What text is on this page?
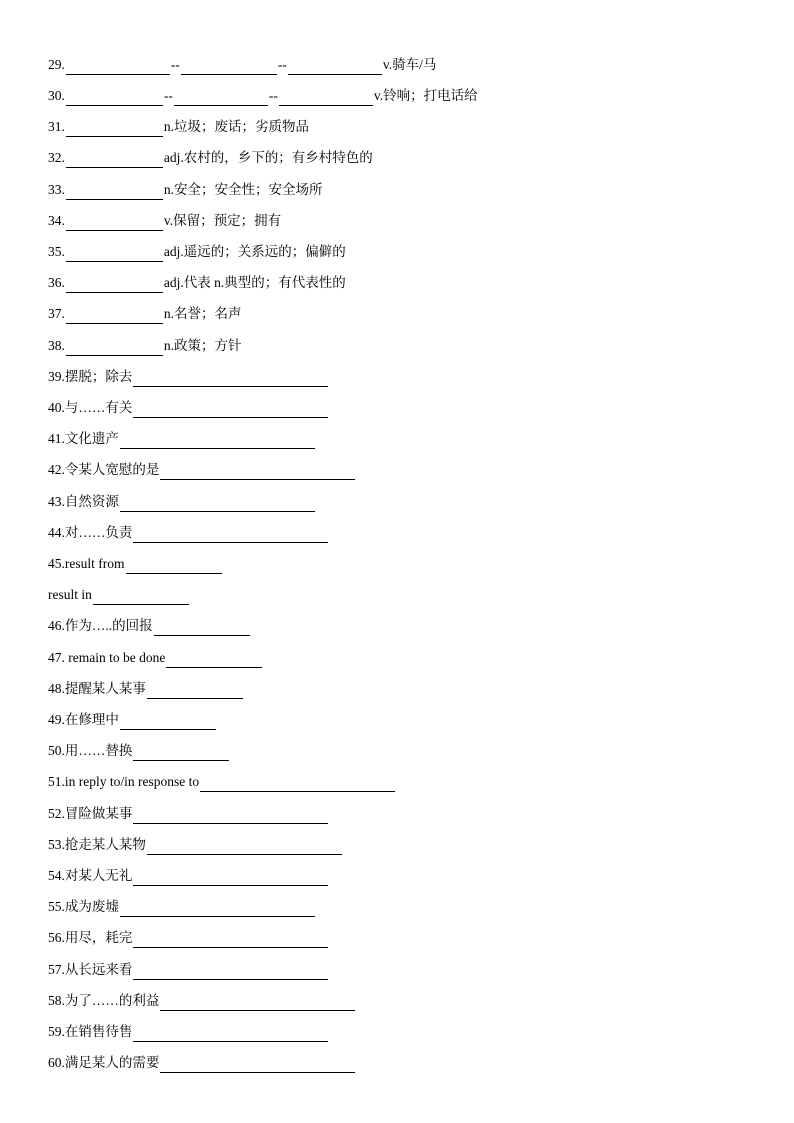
29.	--	--	v.骑车/马
30.	--	--	v.铃响；打电话给
31.	n.垃圾；废话；劣质物品
32.	adj.农村的，乡下的；有乡村特色的
33.	n.安全；安全性；安全场所
34.	v.保留；预定；拥有
35.	adj.遥远的；关系远的；偏僻的
36.	adj.代表 n.典型的；有代表性的
37.	n.名誉；名声
38.	n.政策；方针
39.摆脱；除去
40.与……有关
41.文化遗产
42.令某人宽慰的是
43.自然资源
44.对……负责
45.result from
result in
46.作为…..的回报
47. remain to be done
48.提醒某人某事
49.在修理中
50.用……替换
51.in reply to/in response to
52.冒险做某事
53.抢走某人某物
54.对某人无礼
55.成为废墟
56.用尽，耗完
57.从长远来看
58.为了……的利益
59.在销售待售
60.满足某人的需要
